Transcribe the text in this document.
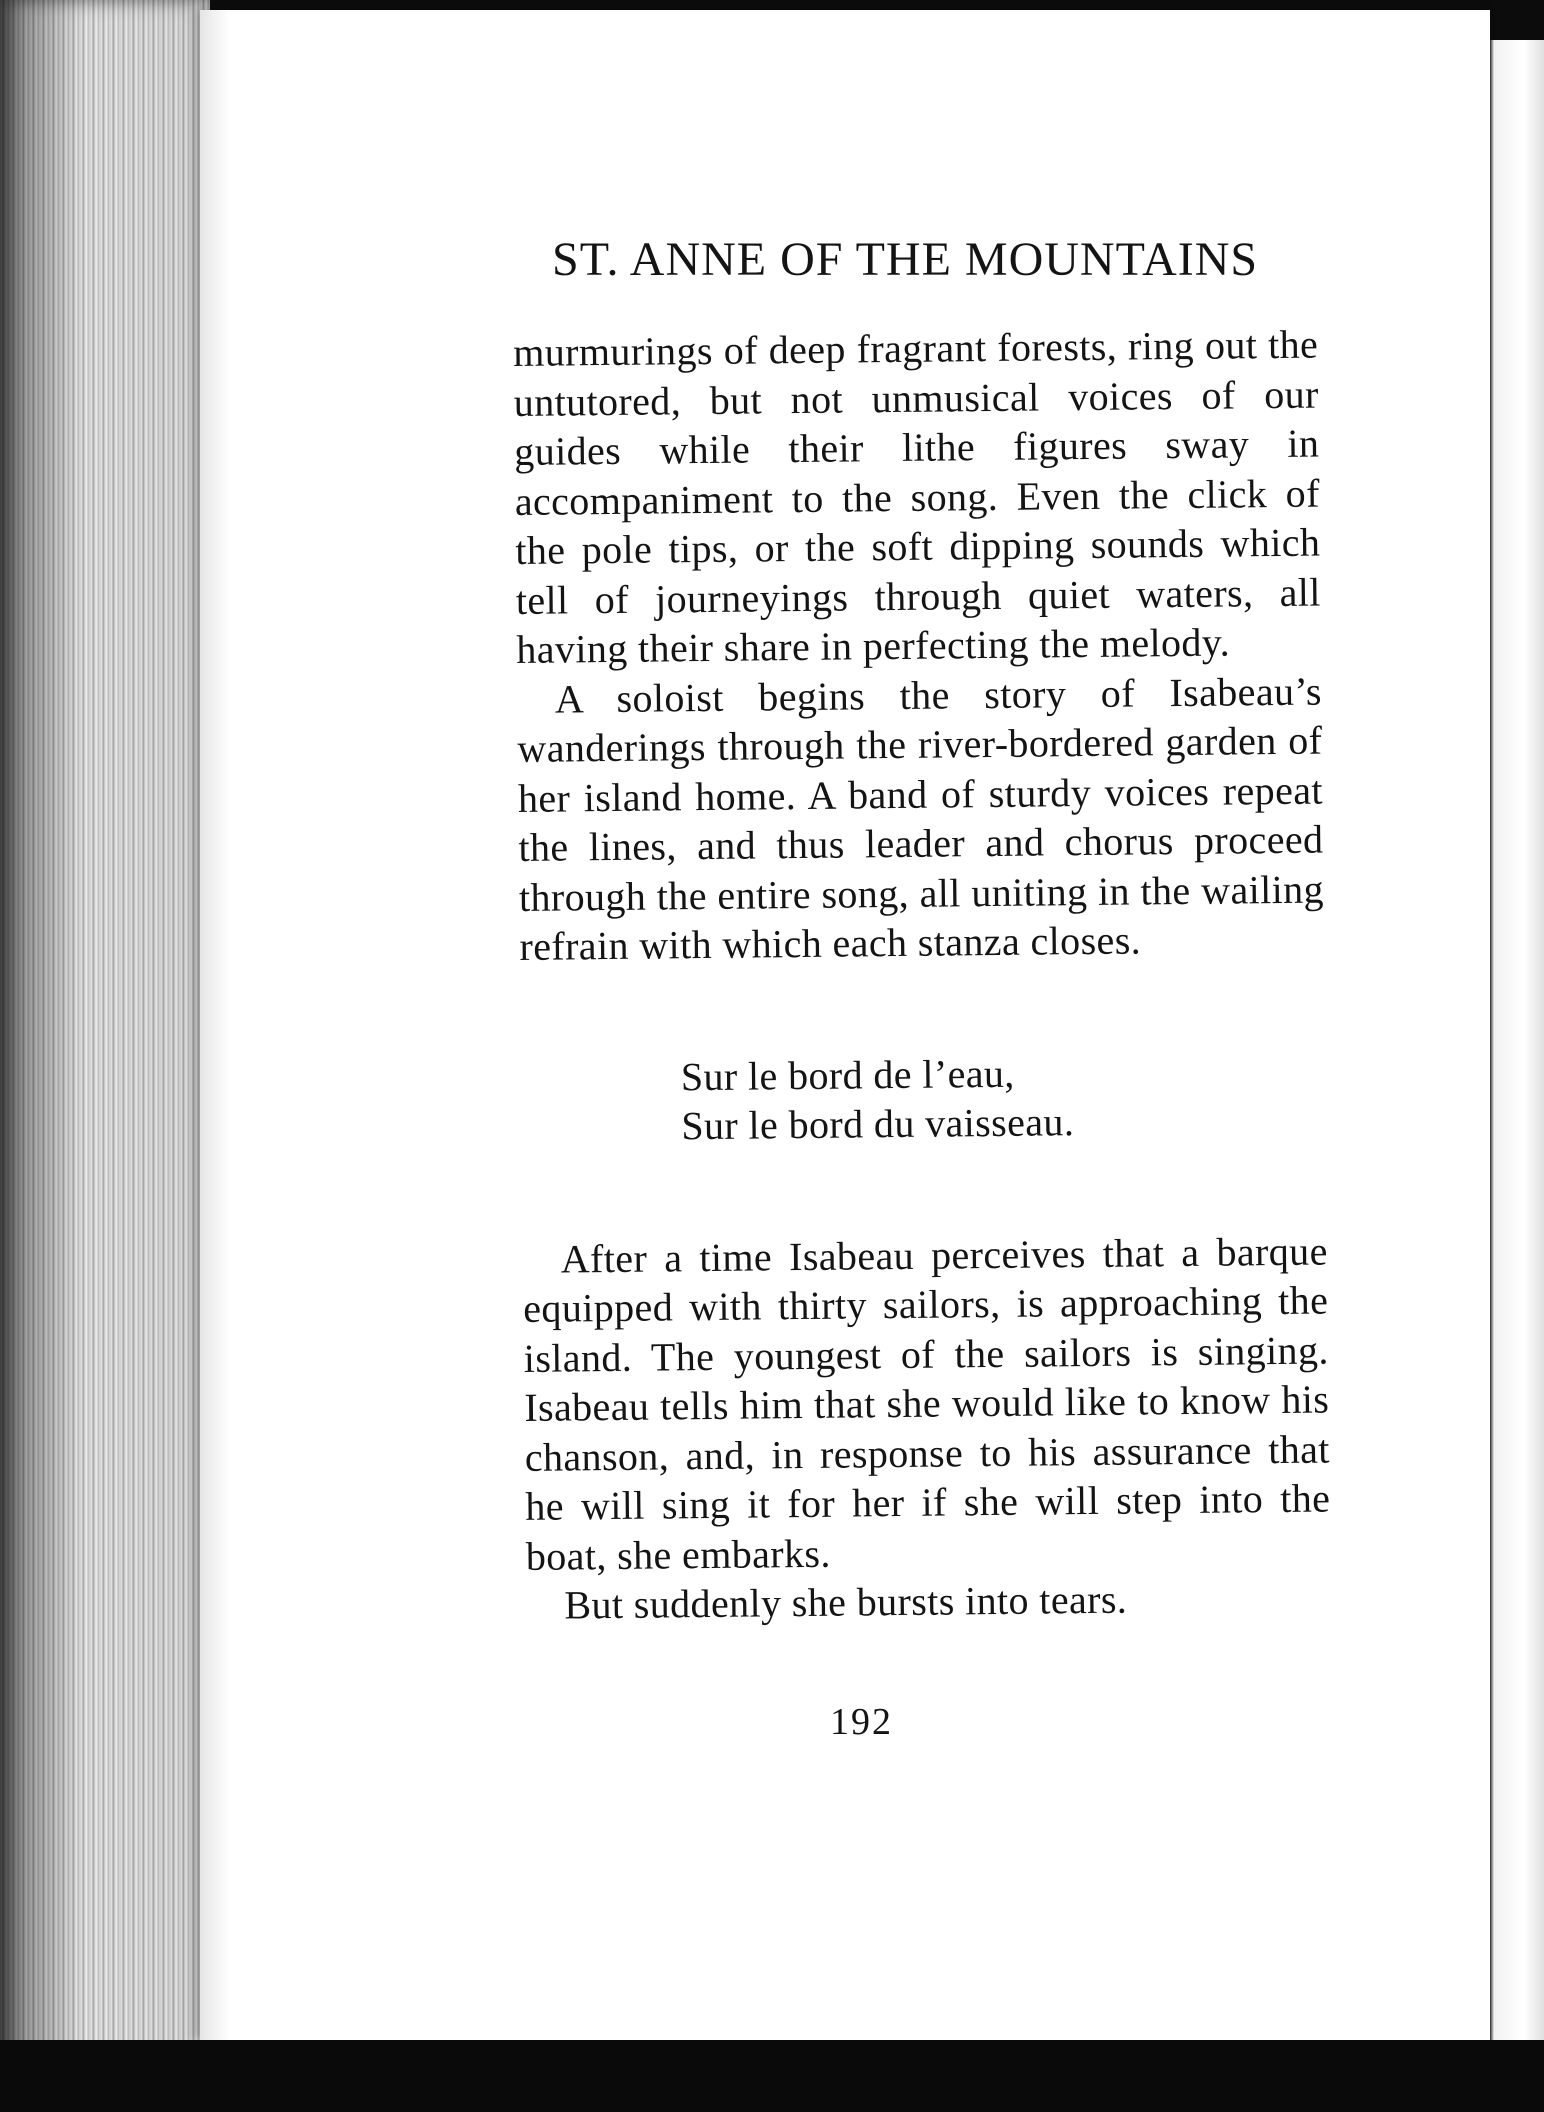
ST. ANNE OF THE MOUNTAINS

murmurings of deep fragrant forests, ring out the untutored, but not unmusical voices of our guides while their lithe figures sway in accompaniment to the song. Even the click of the pole tips, or the soft dipping sounds which tell of journeyings through quiet waters, all having their share in perfecting the melody.

A soloist begins the story of Isabeau’s wanderings through the river-bordered garden of her island home. A band of sturdy voices repeat the lines, and thus leader and chorus proceed through the entire song, all uniting in the wailing refrain with which each stanza closes.

Sur le bord de l’eau,
Sur le bord du vaisseau.

After a time Isabeau perceives that a barque equipped with thirty sailors, is approaching the island. The youngest of the sailors is singing. Isabeau tells him that she would like to know his chanson, and, in response to his assurance that he will sing it for her if she will step into the boat, she embarks.

But suddenly she bursts into tears.

192
